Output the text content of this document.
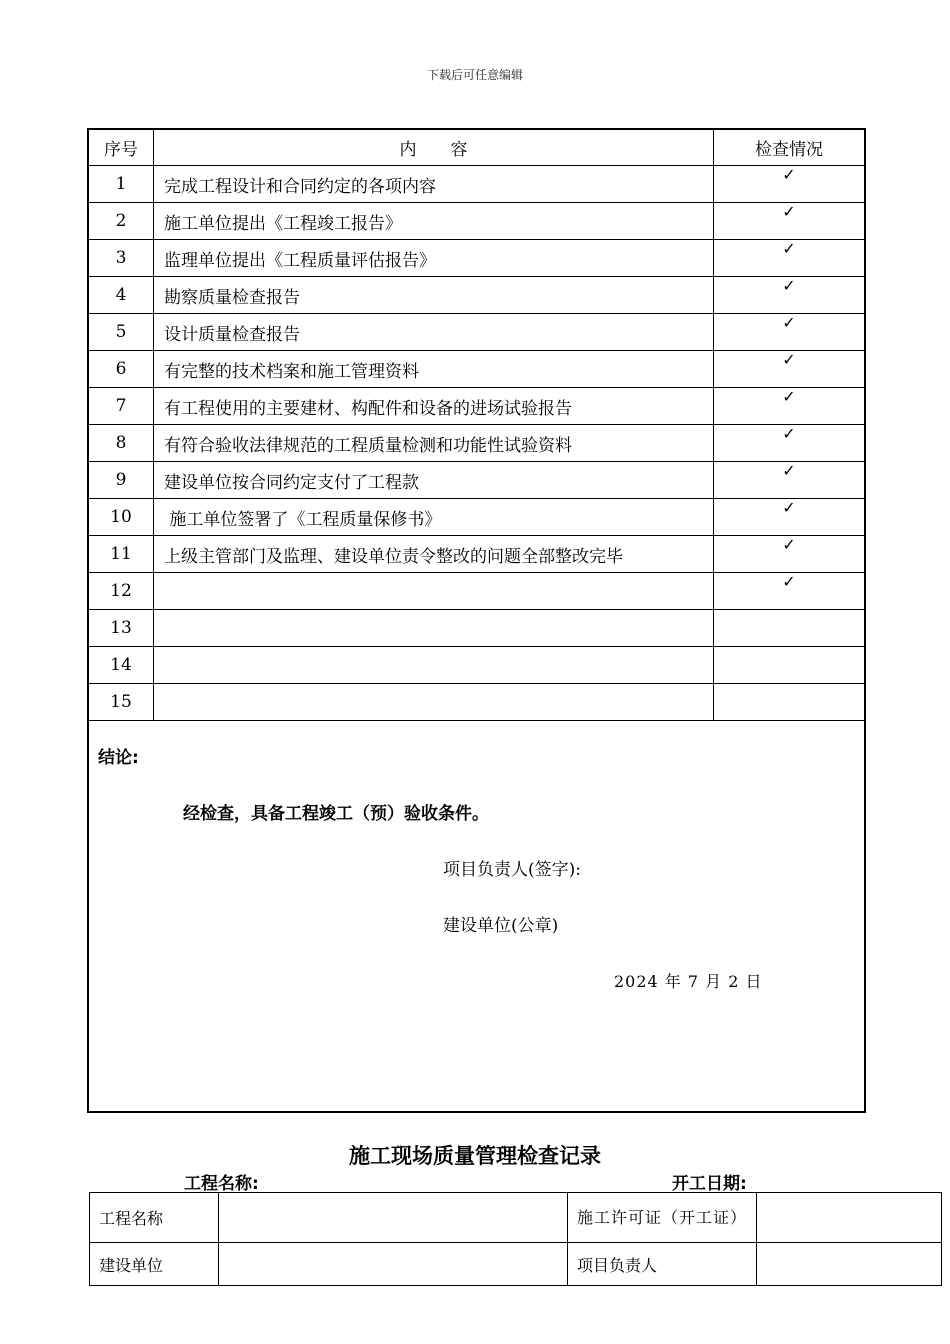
下载后可任意编辑
序号	内　　容	检查情况
1	完成工程设计和合同约定的各项内容	✓
2	施工单位提出《工程竣工报告》	✓
3	监理单位提出《工程质量评估报告》	✓
4	勘察质量检查报告	✓
5	设计质量检查报告	✓
6	有完整的技术档案和施工管理资料	✓
7	有工程使用的主要建材、构配件和设备的进场试验报告	✓
8	有符合验收法律规范的工程质量检测和功能性试验资料	✓
9	建设单位按合同约定支付了工程款	✓
10	施工单位签署了《工程质量保修书》	✓
11	上级主管部门及监理、建设单位责令整改的问题全部整改完毕	✓
12		✓
13		
14		
15		

结论:
经检查，具备工程竣工（预）验收条件。
项目负责人(签字):
建设单位(公章)
2024 年 7 月 2 日		
施工现场质量管理检查记录
工程名称:	开工日期:
工程名称		施工许可证（开工证）	

建设单位		项目负责人	
